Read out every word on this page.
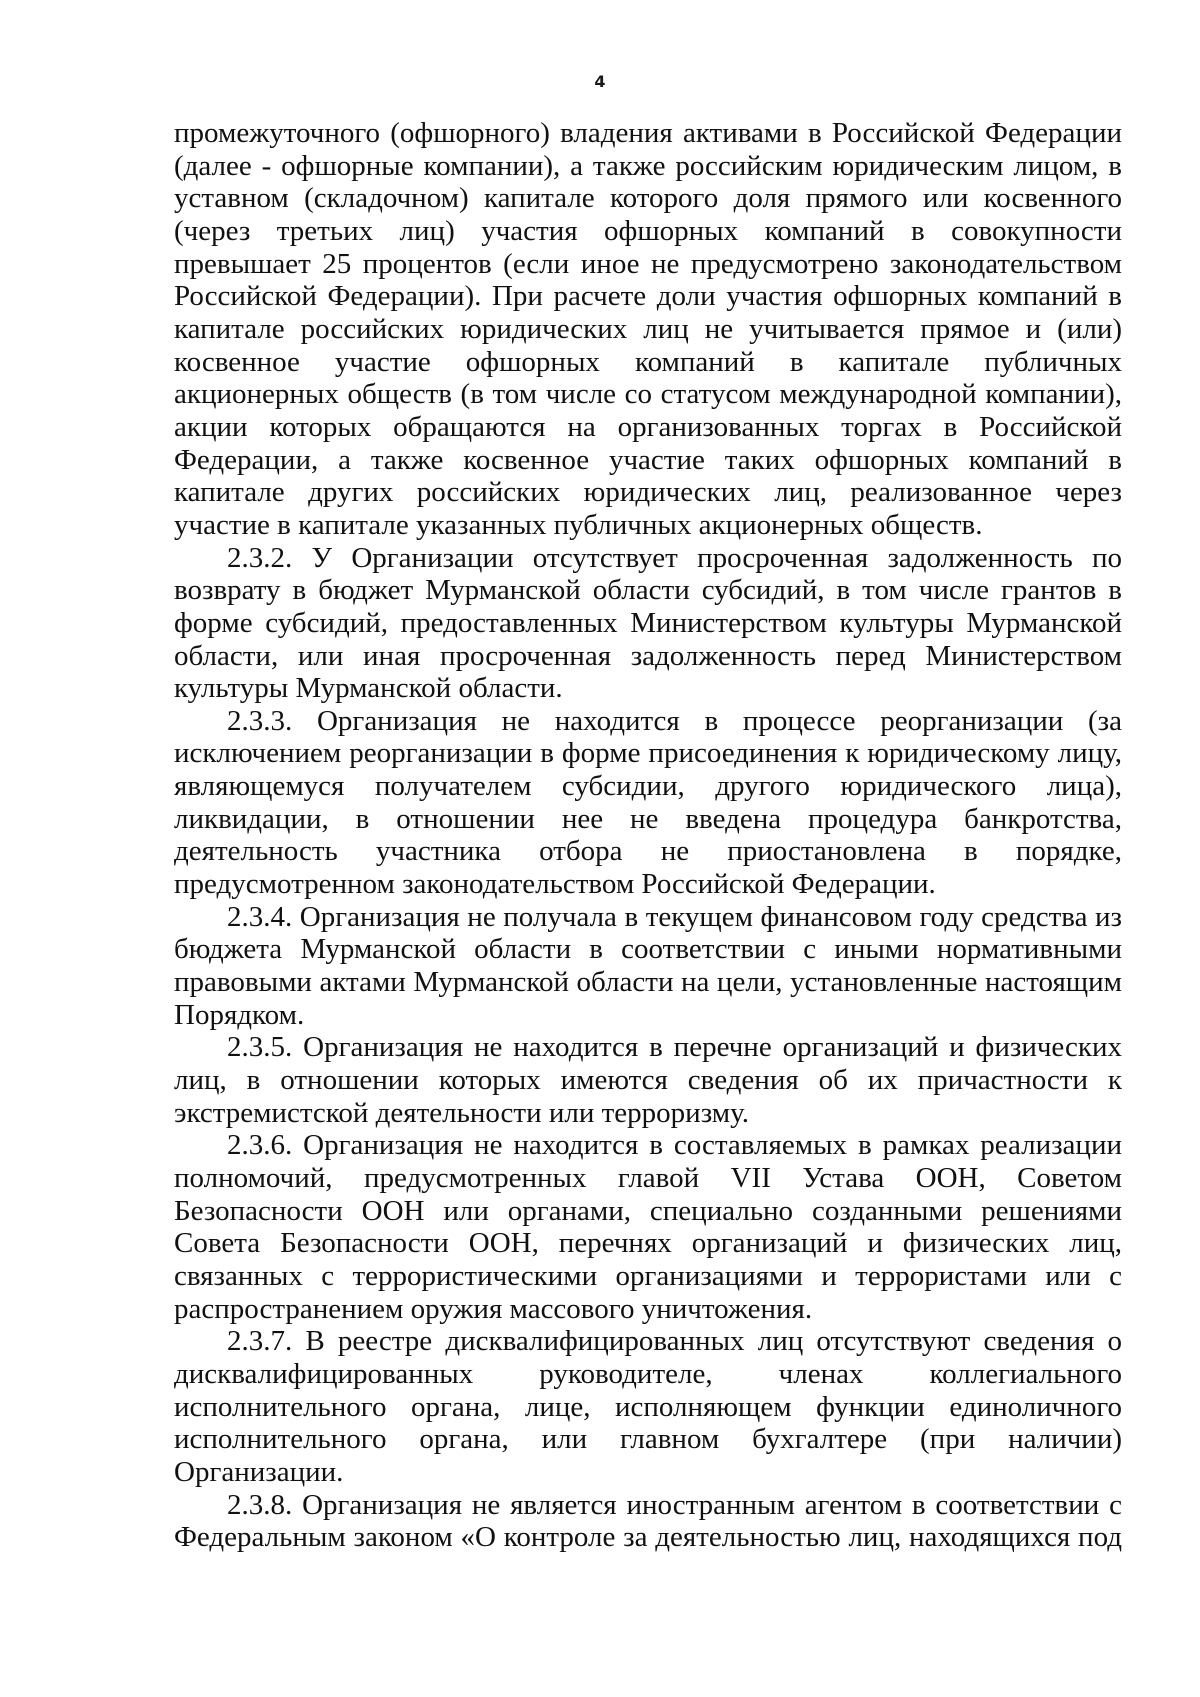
4

промежуточного (офшорного) владения активами в Российской Федерации (далее - офшорные компании), а также российским юридическим лицом, в уставном (складочном) капитале которого доля прямого или косвенного (через третьих лиц) участия офшорных компаний в совокупности превышает 25 процентов (если иное не предусмотрено законодательством Российской Федерации). При расчете доли участия офшорных компаний в капитале российских юридических лиц не учитывается прямое и (или) косвенное участие офшорных компаний в капитале публичных акционерных обществ (в том числе со статусом международной компании), акции которых обращаются на организованных торгах в Российской Федерации, а также косвенное участие таких офшорных компаний в капитале других российских юридических лиц, реализованное через участие в капитале указанных публичных акционерных обществ.

2.3.2. У Организации отсутствует просроченная задолженность по возврату в бюджет Мурманской области субсидий, в том числе грантов в форме субсидий, предоставленных Министерством культуры Мурманской области, или иная просроченная задолженность перед Министерством культуры Мурманской области.

2.3.3. Организация не находится в процессе реорганизации (за исключением реорганизации в форме присоединения к юридическому лицу, являющемуся получателем субсидии, другого юридического лица), ликвидации, в отношении нее не введена процедура банкротства, деятельность участника отбора не приостановлена в порядке, предусмотренном законодательством Российской Федерации.

2.3.4. Организация не получала в текущем финансовом году средства из бюджета Мурманской области в соответствии с иными нормативными правовыми актами Мурманской области на цели, установленные настоящим Порядком.

2.3.5. Организация не находится в перечне организаций и физических лиц, в отношении которых имеются сведения об их причастности к экстремистской деятельности или терроризму.

2.3.6. Организация не находится в составляемых в рамках реализации полномочий, предусмотренных главой VII Устава ООН, Советом Безопасности ООН или органами, специально созданными решениями Совета Безопасности ООН, перечнях организаций и физических лиц, связанных с террористическими организациями и террористами или с распространением оружия массового уничтожения.

2.3.7. В реестре дисквалифицированных лиц отсутствуют сведения о дисквалифицированных руководителе, членах коллегиального исполнительного органа, лице, исполняющем функции единоличного исполнительного органа, или главном бухгалтере (при наличии) Организации.

2.3.8. Организация не является иностранным агентом в соответствии с Федеральным законом «О контроле за деятельностью лиц, находящихся под
